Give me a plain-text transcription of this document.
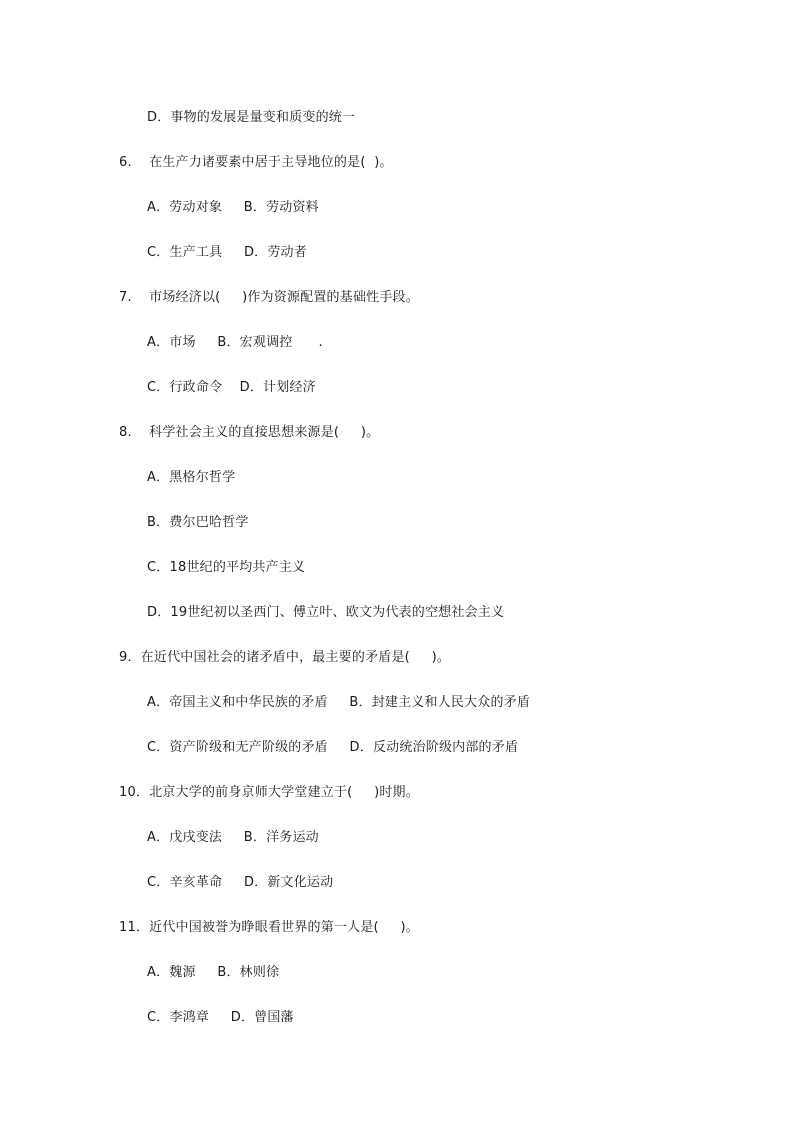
D．事物的发展是量变和质变的统一
6.    在生产力诸要素中居于主导地位的是(  )。
A．劳动对象     B．劳动资料
C．生产工具     D．劳动者
7.    市场经济以(     )作为资源配置的基础性手段。
A．市场     B．宏观调控      .
C．行政命令    D．计划经济
8.    科学社会主义的直接思想来源是(     )。
A．黑格尔哲学
B．费尔巴哈哲学
C．18世纪的平均共产主义
D．19世纪初以圣西门、傅立叶、欧文为代表的空想社会主义
9．在近代中国社会的诸矛盾中，最主要的矛盾是(     )。
A．帝国主义和中华民族的矛盾     B．封建主义和人民大众的矛盾
C．资产阶级和无产阶级的矛盾     D．反动统治阶级内部的矛盾
10．北京大学的前身京师大学堂建立于(     )时期。
A．戊戌变法     B．洋务运动
C．辛亥革命     D．新文化运动
11．近代中国被誉为睁眼看世界的第一人是(     )。
A．魏源     B．林则徐
C．李鸿章     D．曾国藩
